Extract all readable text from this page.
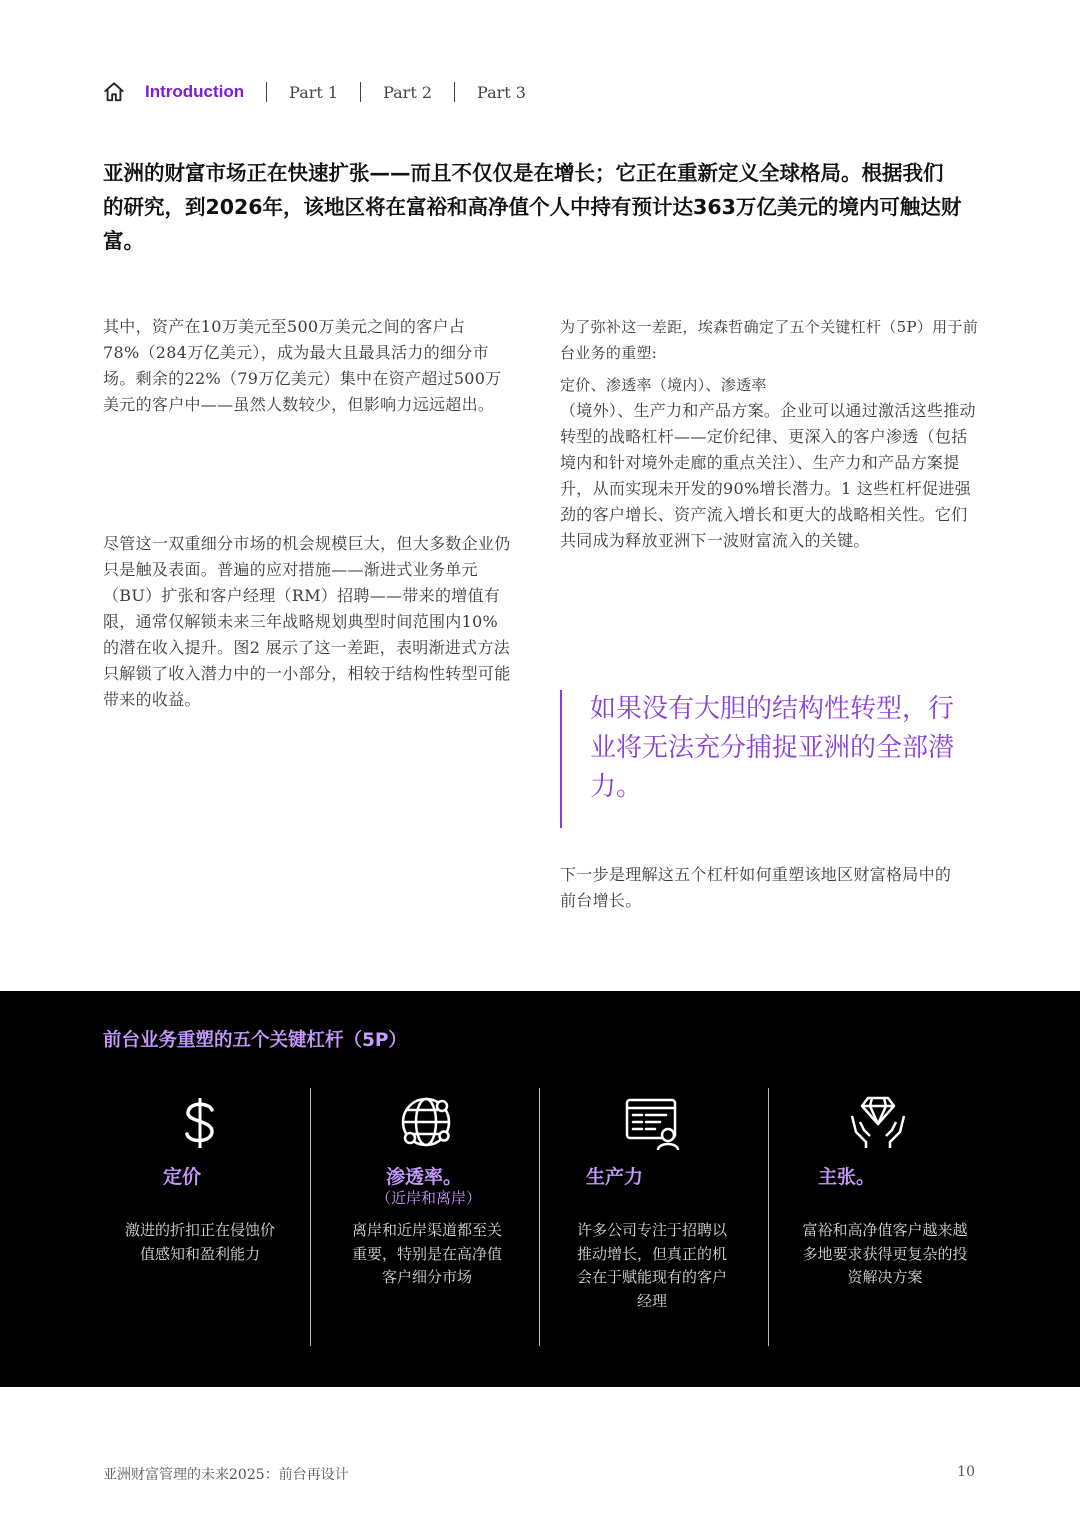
Introduction	Part 1	Part 2	Part 3
亚洲的财富市场正在快速扩张——而且不仅仅是在增长；它正在重新定义全球格局。根据我们的研究，到2026年，该地区将在富裕和高净值个人中持有预计达363万亿美元的境内可触达财富。

其中，资产在10万美元至500万美元之间的客户占78%（284万亿美元），成为最大且最具活力的细分市场。剩余的22%（79万亿美元）集中在资产超过500万美元的客户中——虽然人数较少，但影响力远远超出。

尽管这一双重细分市场的机会规模巨大，但大多数企业仍只是触及表面。普遍的应对措施——渐进式业务单元（BU）扩张和客户经理（RM）招聘——带来的增值有限，通常仅解锁未来三年战略规划典型时间范围内10%的潜在收入提升。图2 展示了这一差距，表明渐进式方法只解锁了收入潜力中的一小部分，相较于结构性转型可能带来的收益。

为了弥补这一差距，埃森哲确定了五个关键杠杆（5P）用于前台业务的重塑:

定价、渗透率（境内）、渗透率

（境外）、生产力和产品方案。企业可以通过激活这些推动转型的战略杠杆——定价纪律、更深入的客户渗透（包括境内和针对境外走廊的重点关注）、生产力和产品方案提升，从而实现未开发的90%增长潜力。1 这些杠杆促进强劲的客户增长、资产流入增长和更大的战略相关性。它们共同成为释放亚洲下一波财富流入的关键。

如果没有大胆的结构性转型，行业将无法充分捕捉亚洲的全部潜力。

下一步是理解这五个杠杆如何重塑该地区财富格局中的前台增长。

前台业务重塑的五个关键杠杆（5P）
定价
激进的折扣正在侵蚀价值感知和盈利能力
渗透率。
（近岸和离岸）
离岸和近岸渠道都至关重要，特别是在高净值客户细分市场
生产力
许多公司专注于招聘以推动增长，但真正的机会在于赋能现有的客户经理
主张。
富裕和高净值客户越来越多地要求获得更复杂的投资解决方案
亚洲财富管理的未来2025：前台再设计	10
